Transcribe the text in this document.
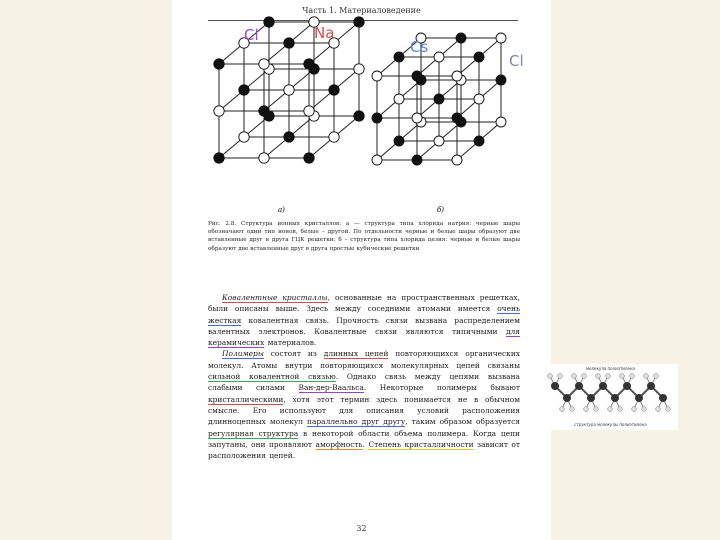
Часть 1. Материаловедение
а)	б)
Рис. 2.8. Структура ионных кристаллов: а — структура типа хлорида натрия: черные шары обозначают один тип ионов, белые – другой. По отдельности черные и белые шары образуют две вставленные друг в друга ГЦК решетки; б – структура типа хлорида цезия: черные и белые шары образуют две вставленные друг в друга простые кубические решетки

Ковалентные кристаллы, основанные на пространственных решетках, были описаны выше. Здесь между соседними атомами имеется очень жесткая ковалентная связь. Прочность связи вызвана распределением валентных электронов. Ковалентные связи являются типичными для керамических материалов.

Полимеры состоят из длинных цепей повторяющихся органических молекул. Атомы внутри повторяющихся молекулярных цепей связаны сильной ковалентной связью. Однако связь между цепями вызвана слабыми силами Ван-дер-Ваальса. Некоторые полимеры бывают кристаллическими, хотя этот термин здесь понимается не в обычном смысле. Его используют для описания условий расположения длинноцепных молекул параллельно друг другу, таким образом образуется регулярная структура в некоторой области объема полимера. Когда цепи запутаны, они проявляют аморфность. Степень кристалличности зависит от расположения цепей.

32
Cl	Na
Cs
Cl
молекула полиэтилена
структура молекулы полиэтилена
